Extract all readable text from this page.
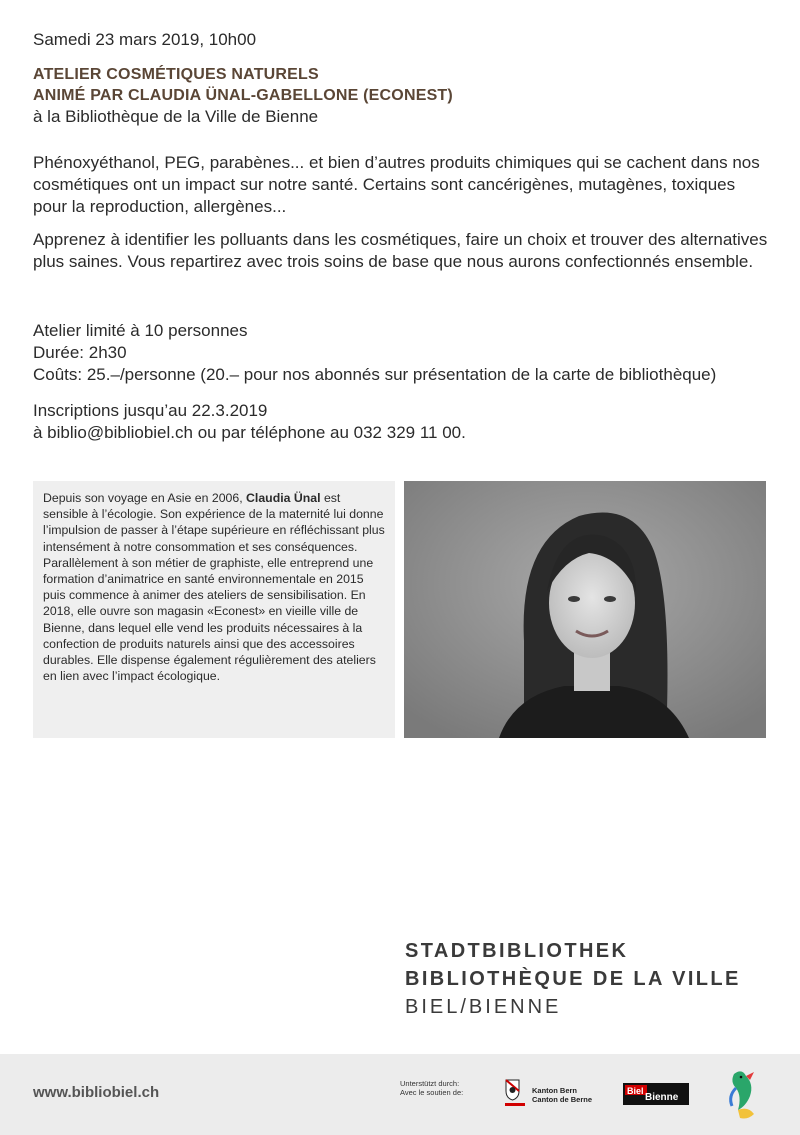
Samedi 23 mars 2019, 10h00
ATELIER COSMÉTIQUES NATURELS
ANIMÉ PAR CLAUDIA ÜNAL-GABELLONE (ECONEST)
à la Bibliothèque de la Ville de Bienne
Phénoxyéthanol, PEG, parabènes... et bien d’autres produits chimiques qui se cachent dans nos cosmétiques ont un impact sur notre santé. Certains sont cancérigènes, mutagènes, toxiques pour la reproduction, allergènes...
Apprenez à identifier les polluants dans les cosmétiques, faire un choix et trouver des alternatives plus saines. Vous repartirez avec trois soins de base que nous aurons confectionnés ensemble.
Atelier limité à 10 personnes
Durée: 2h30
Coûts: 25.–/personne (20.– pour nos abonnés sur présentation de la carte de bibliothèque)
Inscriptions jusqu’au 22.3.2019
à biblio@bibliobiel.ch ou par téléphone au 032 329 11 00.
Depuis son voyage en Asie en 2006, Claudia Ünal est sensible à l’écologie. Son expérience de la maternité lui donne l’impulsion de passer à l’étape supérieure en réfléchissant plus intensément à notre consommation et ses conséquences. Parallèlement à son métier de graphiste, elle entreprend une formation d’animatrice en santé environnementale en 2015 puis commence à animer des ateliers de sensibilisation. En 2018, elle ouvre son magasin «Econest» en vieille ville de Bienne, dans lequel elle vend les produits nécessaires à la confection de produits naturels ainsi que des accessoires durables. Elle dispense également régulièrement des ateliers en lien avec l’impact écologique.
STADTBIBLIOTHEK
BIBLIOTHÈQUE DE LA VILLE
BIEL/BIENNE
www.bibliobiel.ch
Unterstützt durch:
Avec le soutien de:	Kanton Bern
Canton de Berne
Biel
Bienne
